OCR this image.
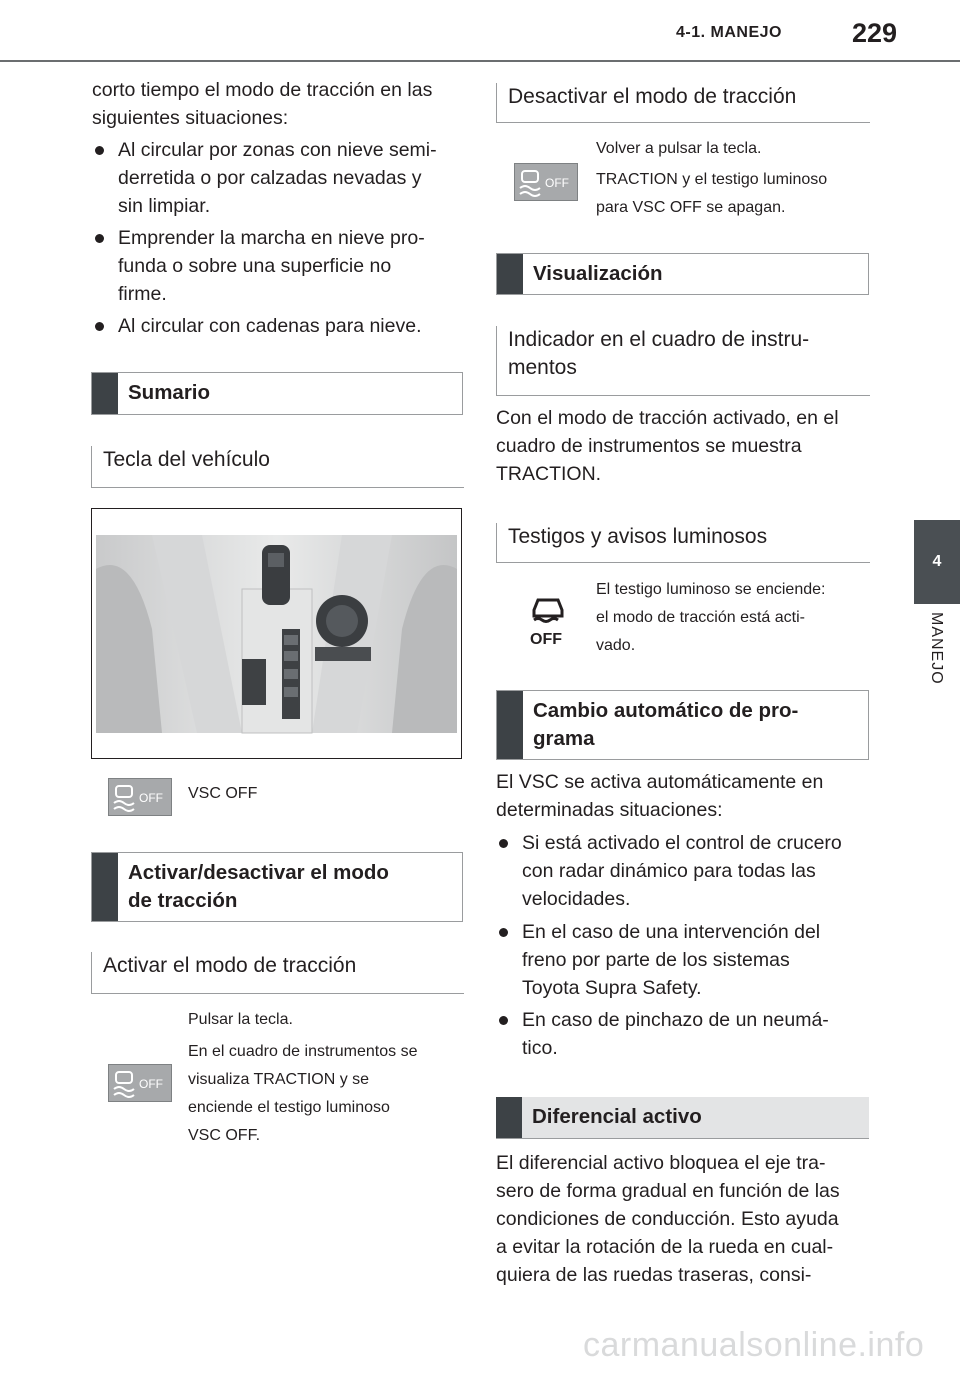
4-1. MANEJO	229
4
MANEJO
corto tiempo el modo de tracción en las
siguientes situaciones:
Al circular por zonas con nieve semi-
derretida o por calzadas nevadas y
sin limpiar.
Emprender la marcha en nieve pro-
funda o sobre una superficie no
firme.
Al circular con cadenas para nieve.
Sumario
Tecla del vehículo
OFF VSC OFF
Activar/desactivar el modo
de tracción
Activar el modo de tracción
Pulsar la tecla.
En el cuadro de instrumentos se
visualiza TRACTION y se
enciende el testigo luminoso
VSC OFF.
OFF
Desactivar el modo de tracción
Volver a pulsar la tecla.
TRACTION y el testigo luminoso
para VSC OFF se apagan.
OFF
Visualización
Indicador en el cuadro de instru-
mentos
Con el modo de tracción activado, en el
cuadro de instrumentos se muestra
TRACTION.
Testigos y avisos luminosos
El testigo luminoso se enciende:
el modo de tracción está acti-
vado.
OFF
Cambio automático de pro-
grama
El VSC se activa automáticamente en
determinadas situaciones:
Si está activado el control de crucero
con radar dinámico para todas las
velocidades.
En el caso de una intervención del
freno por parte de los sistemas
Toyota Supra Safety.
En caso de pinchazo de un neumá-
tico.
Diferencial activo
El diferencial activo bloquea el eje tra-
sero de forma gradual en función de las
condiciones de conducción. Esto ayuda
a evitar la rotación de la rueda en cual-
quiera de las ruedas traseras, consi-
carmanualsonline.info
